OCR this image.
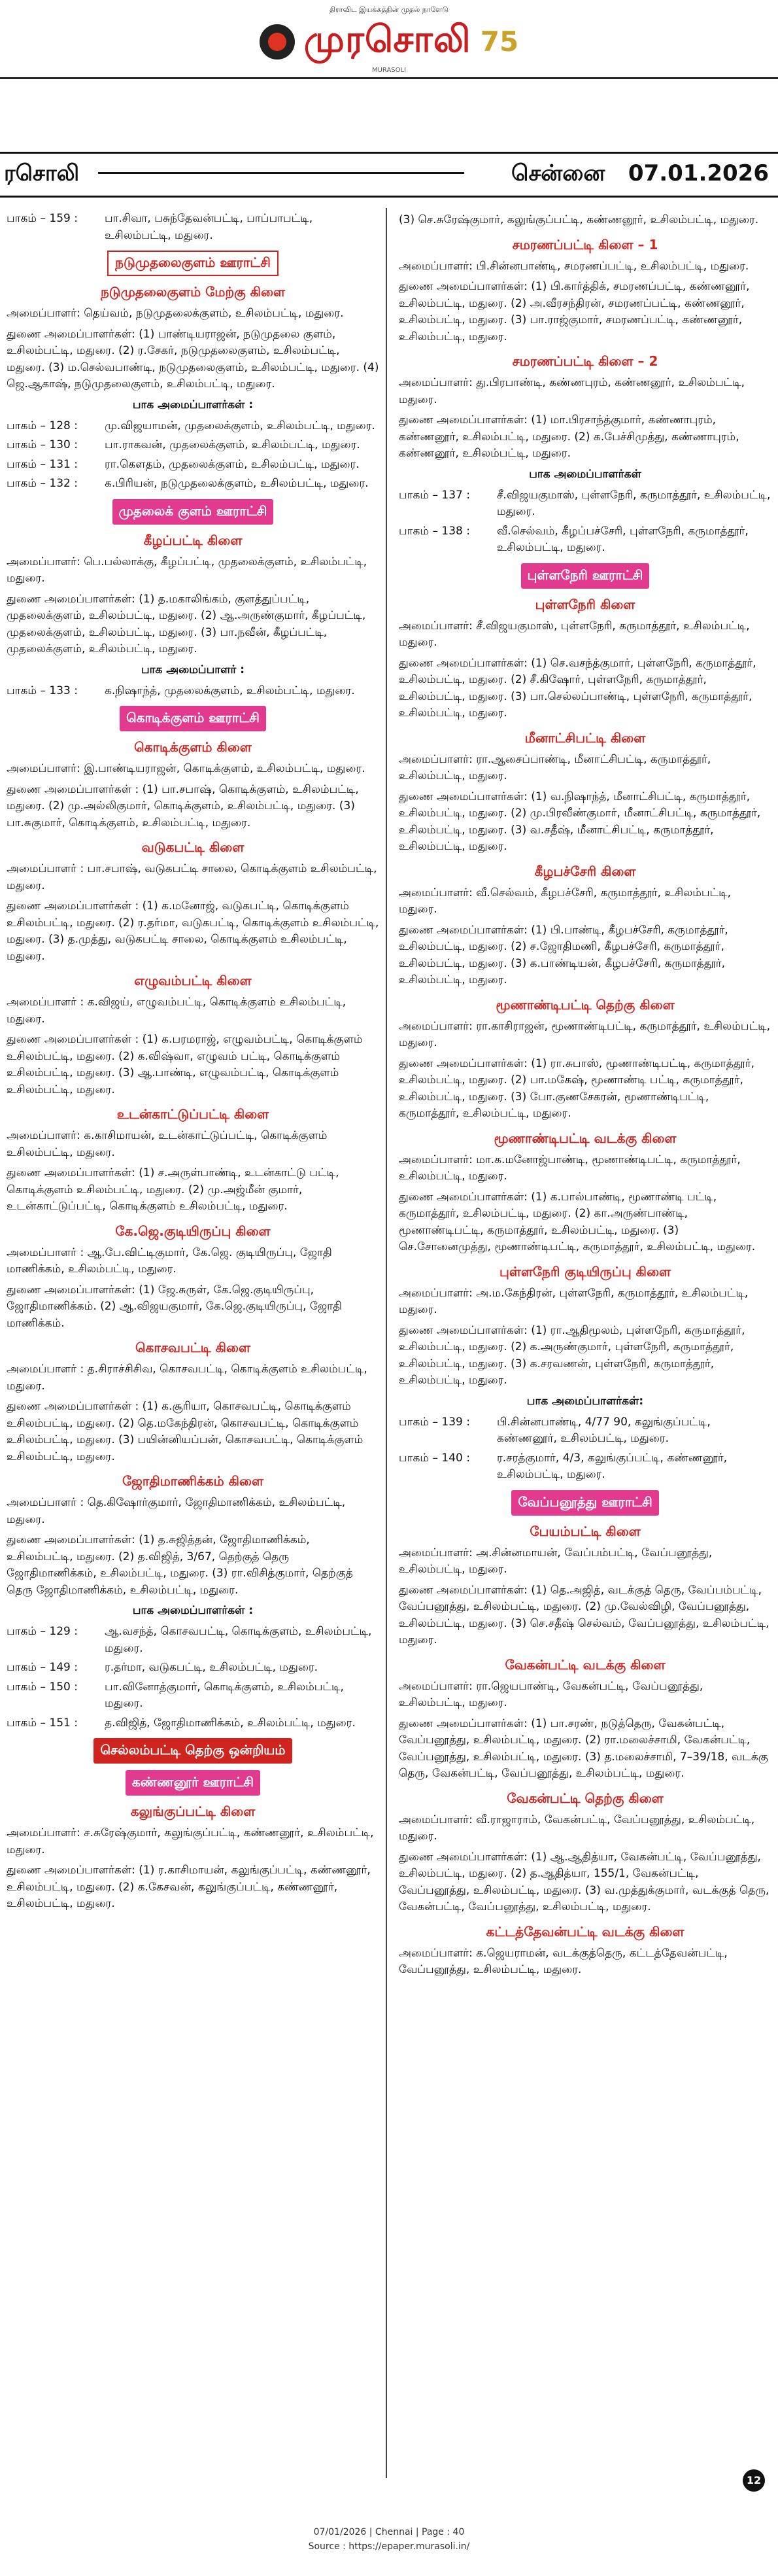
திராவிட இயக்கத்தின் முதல் நாளேடு
முரசொலி 75
MURASOLI
ரசொலி	சென்னை 07.01.2026
பாகம் – 159 :	பா.சிவா, பசுந்தேவன்பட்டி, பாப்பாபட்டி, உசிலம்பட்டி, மதுரை.
நடுமுதலைகுளம் ஊராட்சி
நடுமுதலைகுளம் மேற்கு கிளை
அமைப்பாளர்: தெய்வம், நடுமுதலைக்குளம், உசிலம்பட்டி, மதுரை.
துணை அமைப்பாளர்கள்: (1) பாண்டியராஜன், நடுமுதலை குளம், உசிலம்பட்டி, மதுரை. (2) ர.சேகர், நடுமுதலைகுளம், உசிலம்பட்டி, மதுரை. (3) ம.செல்வபாண்டி, நடுமுதலைகுளம், உசிலம்பட்டி, மதுரை. (4) ஜெ.ஆகாஷ், நடுமுதலைகுளம், உசிலம்பட்டி, மதுரை.
பாக அமைப்பாளர்கள் :
பாகம் – 128 :	மு.விஜயாமன், முதலைக்குளம், உசிலம்பட்டி, மதுரை.
பாகம் – 130 :	பா.ராகவன், முதலைக்குளம், உசிலம்பட்டி, மதுரை.
பாகம் – 131 :	ரா.கௌதம், முதலைக்குளம், உசிலம்பட்டி, மதுரை.
பாகம் – 132 :	க.பிரியன், நடுமுதலைக்குளம், உசிலம்பட்டி, மதுரை.
முதலைக் குளம் ஊராட்சி
கீழப்பட்டி கிளை
அமைப்பாளர்: பெ.பல்லாக்கு, கீழப்பட்டி, முதலைக்குளம், உசிலம்பட்டி, மதுரை.
துணை அமைப்பாளர்கள்: (1) த.மகாலிங்கம், குளத்துப்பட்டி, முதலைக்குளம், உசிலம்பட்டி, மதுரை. (2) ஆ.அருண்குமார், கீழப்பட்டி, முதலைக்குளம், உசிலம்பட்டி, மதுரை. (3) பா.நவீன், கீழப்பட்டி, முதலைக்குளம், உசிலம்பட்டி, மதுரை.
பாக அமைப்பாளர் :
பாகம் – 133 :	க.நிஷாந்த், முதலைக்குளம், உசிலம்பட்டி, மதுரை.
கொடிக்குளம் ஊராட்சி
கொடிக்குளம் கிளை
அமைப்பாளர்: இ.பாண்டியராஜன், கொடிக்குளம், உசிலம்பட்டி, மதுரை.
துணை அமைப்பாளர்கள் : (1) பா.சபாஷ், கொடிக்குளம், உசிலம்பட்டி, மதுரை. (2) மு.அல்லிகுமார், கொடிக்குளம், உசிலம்பட்டி, மதுரை. (3) பா.சுகுமார், கொடிக்குளம், உசிலம்பட்டி, மதுரை.
வடுகபட்டி கிளை
அமைப்பாளர் : பா.சபாஷ், வடுகபட்டி சாலை, கொடிக்குளம் உசிலம்பட்டி, மதுரை.
துணை அமைப்பாளர்கள் : (1) க.மனோஜ், வடுகபட்டி, கொடிக்குளம் உசிலம்பட்டி, மதுரை. (2) ர.தர்மா, வடுகபட்டி, கொடிக்குளம் உசிலம்பட்டி, மதுரை. (3) த.முத்து, வடுகபட்டி சாலை, கொடிக்குளம் உசிலம்பட்டி, மதுரை.
எழுவம்பட்டி கிளை
அமைப்பாளர் : க.விஜய், எழுவம்பட்டி, கொடிக்குளம் உசிலம்பட்டி, மதுரை.
துணை அமைப்பாளர்கள் : (1) க.பரமராஜ், எழுவம்பட்டி, கொடிக்குளம் உசிலம்பட்டி, மதுரை. (2) க.விஷ்வா, எழுவம் பட்டி, கொடிக்குளம் உசிலம்பட்டி, மதுரை. (3) ஆ.பாண்டி, எழுவம்பட்டி, கொடிக்குளம் உசிலம்பட்டி, மதுரை.
உடன்காட்டுப்பட்டி கிளை
அமைப்பாளர்: க.காசிமாயன், உடன்காட்டுப்பட்டி, கொடிக்குளம் உசிலம்பட்டி, மதுரை.
துணை அமைப்பாளர்கள்: (1) ச.அருள்பாண்டி, உடன்காட்டு பட்டி, கொடிக்குளம் உசிலம்பட்டி, மதுரை. (2) மு.அஜ்மீன் குமார், உடன்காட்டுப்பட்டி, கொடிக்குளம் உசிலம்பட்டி, மதுரை.
கே.ஜெ.குடியிருப்பு கிளை
அமைப்பாளர் : ஆ.பே.விட்டிகுமார், கே.ஜெ. குடியிருப்பு, ஜோதி மாணிக்கம், உசிலம்பட்டி, மதுரை.
துணை அமைப்பாளர்கள்: (1) ஜே.சுருள், கே.ஜெ.குடியிருப்பு, ஜோதிமாணிக்கம். (2) ஆ.விஜயகுமார், கே.ஜெ.குடியிருப்பு, ஜோதி மாணிக்கம்.
கொசவபட்டி கிளை
அமைப்பாளர் : த.சிராச்சிசிவ, கொசவபட்டி, கொடிக்குளம் உசிலம்பட்டி, மதுரை.
துணை அமைப்பாளர்கள் : (1) க.சூரியா, கொசவபட்டி, கொடிக்குளம் உசிலம்பட்டி, மதுரை. (2) தெ.மகேந்திரன், கொசவபட்டி, கொடிக்குளம் உசிலம்பட்டி, மதுரை. (3) பயின்னியப்பன், கொசவபட்டி, கொடிக்குளம் உசிலம்பட்டி, மதுரை.
ஜோதிமாணிக்கம் கிளை
அமைப்பாளர் : தெ.கிஷோர்குமார், ஜோதிமாணிக்கம், உசிலம்பட்டி, மதுரை.
துணை அமைப்பாளர்கள்: (1) த.சுஜித்தன், ஜோதிமாணிக்கம், உசிலம்பட்டி, மதுரை. (2) த.விஜித், 3/67, தெற்குத் தெரு ஜோதிமாணிக்கம், உசிலம்பட்டி, மதுரை. (3) ரா.விசித்குமார், தெற்குத் தெரு ஜோதிமாணிக்கம், உசிலம்பட்டி, மதுரை.
பாக அமைப்பாளர்கள் :
பாகம் – 129 :	ஆ.வசந்த், கொசவபட்டி, கொடிக்குளம், உசிலம்பட்டி, மதுரை.
பாகம் – 149 :	ர.தர்மா, வடுகபட்டி, உசிலம்பட்டி, மதுரை.
பாகம் – 150 :	பா.வினோத்குமார், கொடிக்குளம், உசிலம்பட்டி, மதுரை.
பாகம் – 151 :	த.விஜித், ஜோதிமாணிக்கம், உசிலம்பட்டி, மதுரை.
செல்லம்பட்டி தெற்கு ஒன்றியம்
கண்ணனூர் ஊராட்சி
கலுங்குப்பட்டி கிளை
அமைப்பாளர்: ச.சுரேஷ்குமார், கலுங்குப்பட்டி, கண்ணனூர், உசிலம்பட்டி, மதுரை.
துணை அமைப்பாளர்கள்: (1) ர.காசிமாயன், கலுங்குப்பட்டி, கண்ணனூர், உசிலம்பட்டி, மதுரை. (2) க.கேசவன், கலுங்குப்பட்டி, கண்ணனூர், உசிலம்பட்டி, மதுரை.
(3) செ.சுரேஷ்குமார், கலுங்குப்பட்டி, கண்ணனூர், உசிலம்பட்டி, மதுரை.
சமரணப்பட்டி கிளை – 1
அமைப்பாளர்: பி.சின்னபாண்டி, சமரணப்பட்டி, உசிலம்பட்டி, மதுரை.
துணை அமைப்பாளர்கள்: (1) பி.கார்த்திக், சமரணப்பட்டி, கண்ணனூர், உசிலம்பட்டி, மதுரை. (2) அ.வீரசந்திரன், சமரணப்பட்டி, கண்ணனூர், உசிலம்பட்டி, மதுரை. (3) பா.ராஜ்குமார், சமரணப்பட்டி, கண்ணனூர், உசிலம்பட்டி, மதுரை.
சமரணப்பட்டி கிளை – 2
அமைப்பாளர்: து.பிரபாண்டி, கண்ணபுரம், கண்ணனூர், உசிலம்பட்டி, மதுரை.
துணை அமைப்பாளர்கள்: (1) மா.பிரசாந்த்குமார், கண்ணாபுரம், கண்ணனூர், உசிலம்பட்டி, மதுரை. (2) க.பேச்சிமுத்து, கண்ணாபுரம், கண்ணனூர், உசிலம்பட்டி, மதுரை.
பாக அமைப்பாளர்கள்
பாகம் – 137 :	சீ.விஜயகுமாஸ், புள்ளநேரி, கருமாத்தூர், உசிலம்பட்டி, மதுரை.
பாகம் – 138 :	வீ.செல்வம், கீழப்பச்சேரி, புள்ளநேரி, கருமாத்தூர், உசிலம்பட்டி, மதுரை.
புள்ளநேரி ஊராட்சி
புள்ளநேரி கிளை
அமைப்பாளர்: சீ.விஜயகுமாஸ், புள்ளநேரி, கருமாத்தூர், உசிலம்பட்டி, மதுரை.
துணை அமைப்பாளர்கள்: (1) செ.வசந்த்குமார், புள்ளநேரி, கருமாத்தூர், உசிலம்பட்டி, மதுரை. (2) சீ.கிஷோர், புள்ளநேரி, கருமாத்தூர், உசிலம்பட்டி, மதுரை. (3) பா.செல்லப்பாண்டி, புள்ளநேரி, கருமாத்தூர், உசிலம்பட்டி, மதுரை.
மீனாட்சிபட்டி கிளை
அமைப்பாளர்: ரா.ஆசைப்பாண்டி, மீனாட்சிபட்டி, கருமாத்தூர், உசிலம்பட்டி, மதுரை.
துணை அமைப்பாளர்கள்: (1) வ.நிஷாந்த், மீனாட்சிபட்டி, கருமாத்தூர், உசிலம்பட்டி, மதுரை. (2) மு.பிரவீண்குமார், மீனாட்சிபட்டி, கருமாத்தூர், உசிலம்பட்டி, மதுரை. (3) வ.சதீஷ், மீனாட்சிபட்டி, கருமாத்தூர், உசிலம்பட்டி, மதுரை.
கீழபச்சேரி கிளை
அமைப்பாளர்: வீ.செல்வம், கீழபச்சேரி, கருமாத்தூர், உசிலம்பட்டி, மதுரை.
துணை அமைப்பாளர்கள்: (1) பி.பாண்டி, கீழபச்சேரி, கருமாத்தூர், உசிலம்பட்டி, மதுரை. (2) ச.ஜோதிமணி, கீழபச்சேரி, கருமாத்தூர், உசிலம்பட்டி, மதுரை. (3) க.பாண்டியன், கீழபச்சேரி, கருமாத்தூர், உசிலம்பட்டி, மதுரை.
மூணாண்டிபட்டி தெற்கு கிளை
அமைப்பாளர்: ரா.காசிராஜன், மூணாண்டிபட்டி, கருமாத்தூர், உசிலம்பட்டி, மதுரை.
துணை அமைப்பாளர்கள்: (1) ரா.சுபாஸ், மூணாண்டிபட்டி, கருமாத்தூர், உசிலம்பட்டி, மதுரை. (2) பா.மகேஷ், மூணாண்டி பட்டி, கருமாத்தூர், உசிலம்பட்டி, மதுரை. (3) போ.குணசேகரன், மூணாண்டிபட்டி, கருமாத்தூர், உசிலம்பட்டி, மதுரை.
மூணாண்டிபட்டி வடக்கு கிளை
அமைப்பாளர்: மா.க.மனோஜ்பாண்டி, மூணாண்டிபட்டி, கருமாத்தூர், உசிலம்பட்டி, மதுரை.
துணை அமைப்பாளர்கள்: (1) க.பால்பாண்டி, மூணாண்டி பட்டி, கருமாத்தூர், உசிலம்பட்டி, மதுரை. (2) கா.அருண்பாண்டி, மூணாண்டிபட்டி, கருமாத்தூர், உசிலம்பட்டி, மதுரை. (3) செ.சோனைமுத்து, மூணாண்டிபட்டி, கருமாத்தூர், உசிலம்பட்டி, மதுரை.
புள்ளநேரி குடியிருப்பு கிளை
அமைப்பாளர்: அ.ம.கேந்திரன், புள்ளநேரி, கருமாத்தூர், உசிலம்பட்டி, மதுரை.
துணை அமைப்பாளர்கள்: (1) ரா.ஆதிமூலம், புள்ளநேரி, கருமாத்தூர், உசிலம்பட்டி, மதுரை. (2) க.அருண்குமார், புள்ளநேரி, கருமாத்தூர், உசிலம்பட்டி, மதுரை. (3) க.சரவணன், புள்ளநேரி, கருமாத்தூர், உசிலம்பட்டி, மதுரை.
பாக அமைப்பாளர்கள்:
பாகம் – 139 :	பி.சின்னபாண்டி, 4/77 90, கலுங்குப்பட்டி, கண்ணனூர், உசிலம்பட்டி, மதுரை.
பாகம் – 140 :	ர.சரத்குமார், 4/3, கலுங்குப்பட்டி, கண்ணனூர், உசிலம்பட்டி, மதுரை.
வேப்பனூத்து ஊராட்சி
பேயம்பட்டி கிளை
அமைப்பாளர்: அ.சின்னமாயன், வேப்பம்பட்டி, வேப்பனூத்து, உசிலம்பட்டி, மதுரை.
துணை அமைப்பாளர்கள்: (1) தெ.அஜித், வடக்குத் தெரு, வேப்பம்பட்டி, வேப்பனூத்து, உசிலம்பட்டி, மதுரை. (2) மு.வேல்விழி, வேப்பனூத்து, உசிலம்பட்டி, மதுரை. (3) செ.சதீஷ் செல்வம், வேப்பனூத்து, உசிலம்பட்டி, மதுரை.
வேகன்பட்டி வடக்கு கிளை
அமைப்பாளர்: ரா.ஜெயபாண்டி, வேகன்பட்டி, வேப்பனூத்து, உசிலம்பட்டி, மதுரை.
துணை அமைப்பாளர்கள்: (1) பா.சரண், நடுத்தெரு, வேகன்பட்டி, வேப்பனூத்து, உசிலம்பட்டி, மதுரை. (2) ரா.மலைச்சாமி, வேகன்பட்டி, வேப்பனூத்து, உசிலம்பட்டி, மதுரை. (3) த.மலைச்சாமி, 7–39/18, வடக்கு தெரு, வேகன்பட்டி, வேப்பனூத்து, உசிலம்பட்டி, மதுரை.
வேகன்பட்டி தெற்கு கிளை
அமைப்பாளர்: வீ.ராஜாராம், வேகன்பட்டி, வேப்பனூத்து, உசிலம்பட்டி, மதுரை.
துணை அமைப்பாளர்கள்: (1) ஆ.ஆதித்யா, வேகன்பட்டி, வேப்பனூத்து, உசிலம்பட்டி, மதுரை. (2) த.ஆதித்யா, 155/1, வேகன்பட்டி, வேப்பனூத்து, உசிலம்பட்டி, மதுரை. (3) வ.முத்துக்குமார், வடக்குத் தெரு, வேகன்பட்டி, வேப்பனூத்து, உசிலம்பட்டி, மதுரை.
கட்டத்தேவன்பட்டி வடக்கு கிளை
அமைப்பாளர்: க.ஜெயராமன், வடக்குத்தெரு, கட்டத்தேவன்பட்டி, வேப்பனூத்து, உசிலம்பட்டி, மதுரை.
12
07/01/2026 | Chennai | Page : 40
Source : https://epaper.murasoli.in/
